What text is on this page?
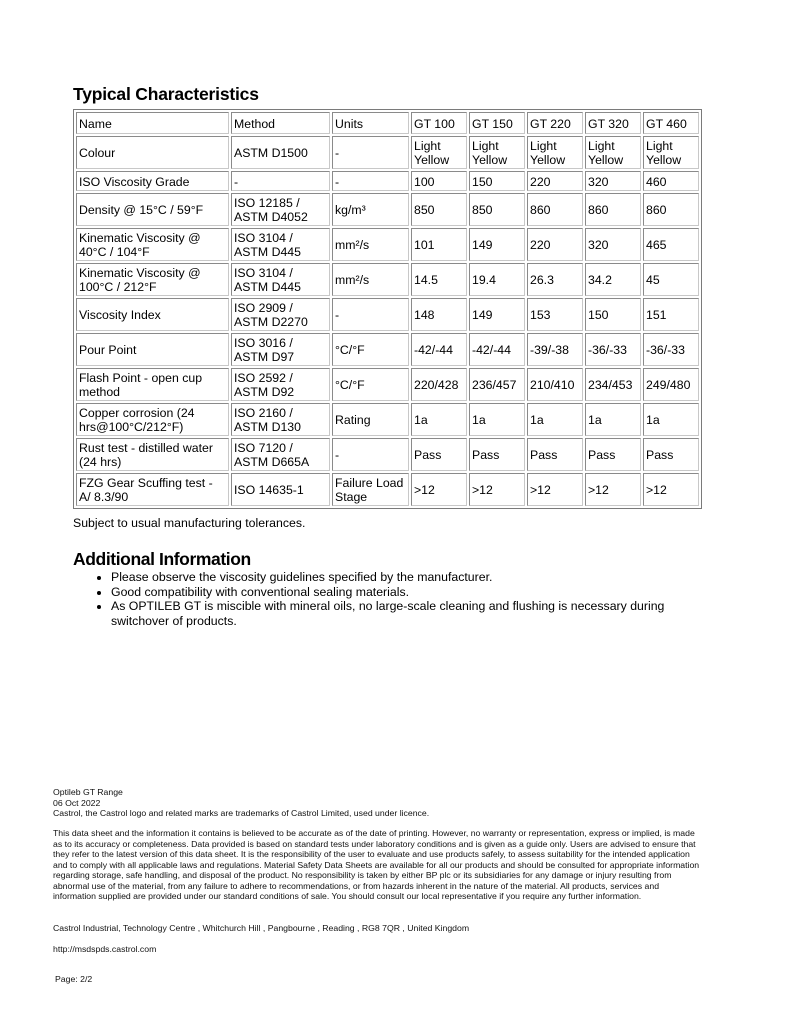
Typical Characteristics
Name	Method	Units	GT 100	GT 150	GT 220	GT 320	GT 460
Colour	ASTM D1500	-	Light Yellow	Light Yellow	Light Yellow	Light Yellow	Light Yellow
ISO Viscosity Grade	-	-	100	150	220	320	460
Density @ 15°C / 59°F	ISO 12185 / ASTM D4052	kg/m³	850	850	860	860	860
Kinematic Viscosity @ 40°C / 104°F	ISO 3104 / ASTM D445	mm²/s	101	149	220	320	465
Kinematic Viscosity @ 100°C / 212°F	ISO 3104 / ASTM D445	mm²/s	14.5	19.4	26.3	34.2	45
Viscosity Index	ISO 2909 / ASTM D2270	-	148	149	153	150	151
Pour Point	ISO 3016 / ASTM D97	°C/°F	-42/-44	-42/-44	-39/-38	-36/-33	-36/-33
Flash Point - open cup method	ISO 2592 / ASTM D92	°C/°F	220/428	236/457	210/410	234/453	249/480
Copper corrosion (24 hrs@100°C/212°F)	ISO 2160 / ASTM D130	Rating	1a	1a	1a	1a	1a
Rust test - distilled water (24 hrs)	ISO 7120 / ASTM D665A	-	Pass	Pass	Pass	Pass	Pass
FZG Gear Scuffing test - A/ 8.3/90	ISO 14635-1	Failure Load Stage	>12	>12	>12	>12	>12
Subject to usual manufacturing tolerances.
Additional Information
• Please observe the viscosity guidelines specified by the manufacturer.
• Good compatibility with conventional sealing materials.
• As OPTILEB GT is miscible with mineral oils, no large-scale cleaning and flushing is necessary during switchover of products.
Optileb GT Range
06 Oct 2022
Castrol, the Castrol logo and related marks are trademarks of Castrol Limited, used under licence.
This data sheet and the information it contains is believed to be accurate as of the date of printing. However, no warranty or representation, express or implied, is made as to its accuracy or completeness. Data provided is based on standard tests under laboratory conditions and is given as a guide only. Users are advised to ensure that they refer to the latest version of this data sheet. It is the responsibility of the user to evaluate and use products safely, to assess suitability for the intended application and to comply with all applicable laws and regulations. Material Safety Data Sheets are available for all our products and should be consulted for appropriate information regarding storage, safe handling, and disposal of the product. No responsibility is taken by either BP plc or its subsidiaries for any damage or injury resulting from abnormal use of the material, from any failure to adhere to recommendations, or from hazards inherent in the nature of the material. All products, services and information supplied are provided under our standard conditions of sale. You should consult our local representative if you require any further information.
Castrol Industrial, Technology Centre , Whitchurch Hill , Pangbourne , Reading , RG8 7QR , United Kingdom
http://msdspds.castrol.com
Page: 2/2
